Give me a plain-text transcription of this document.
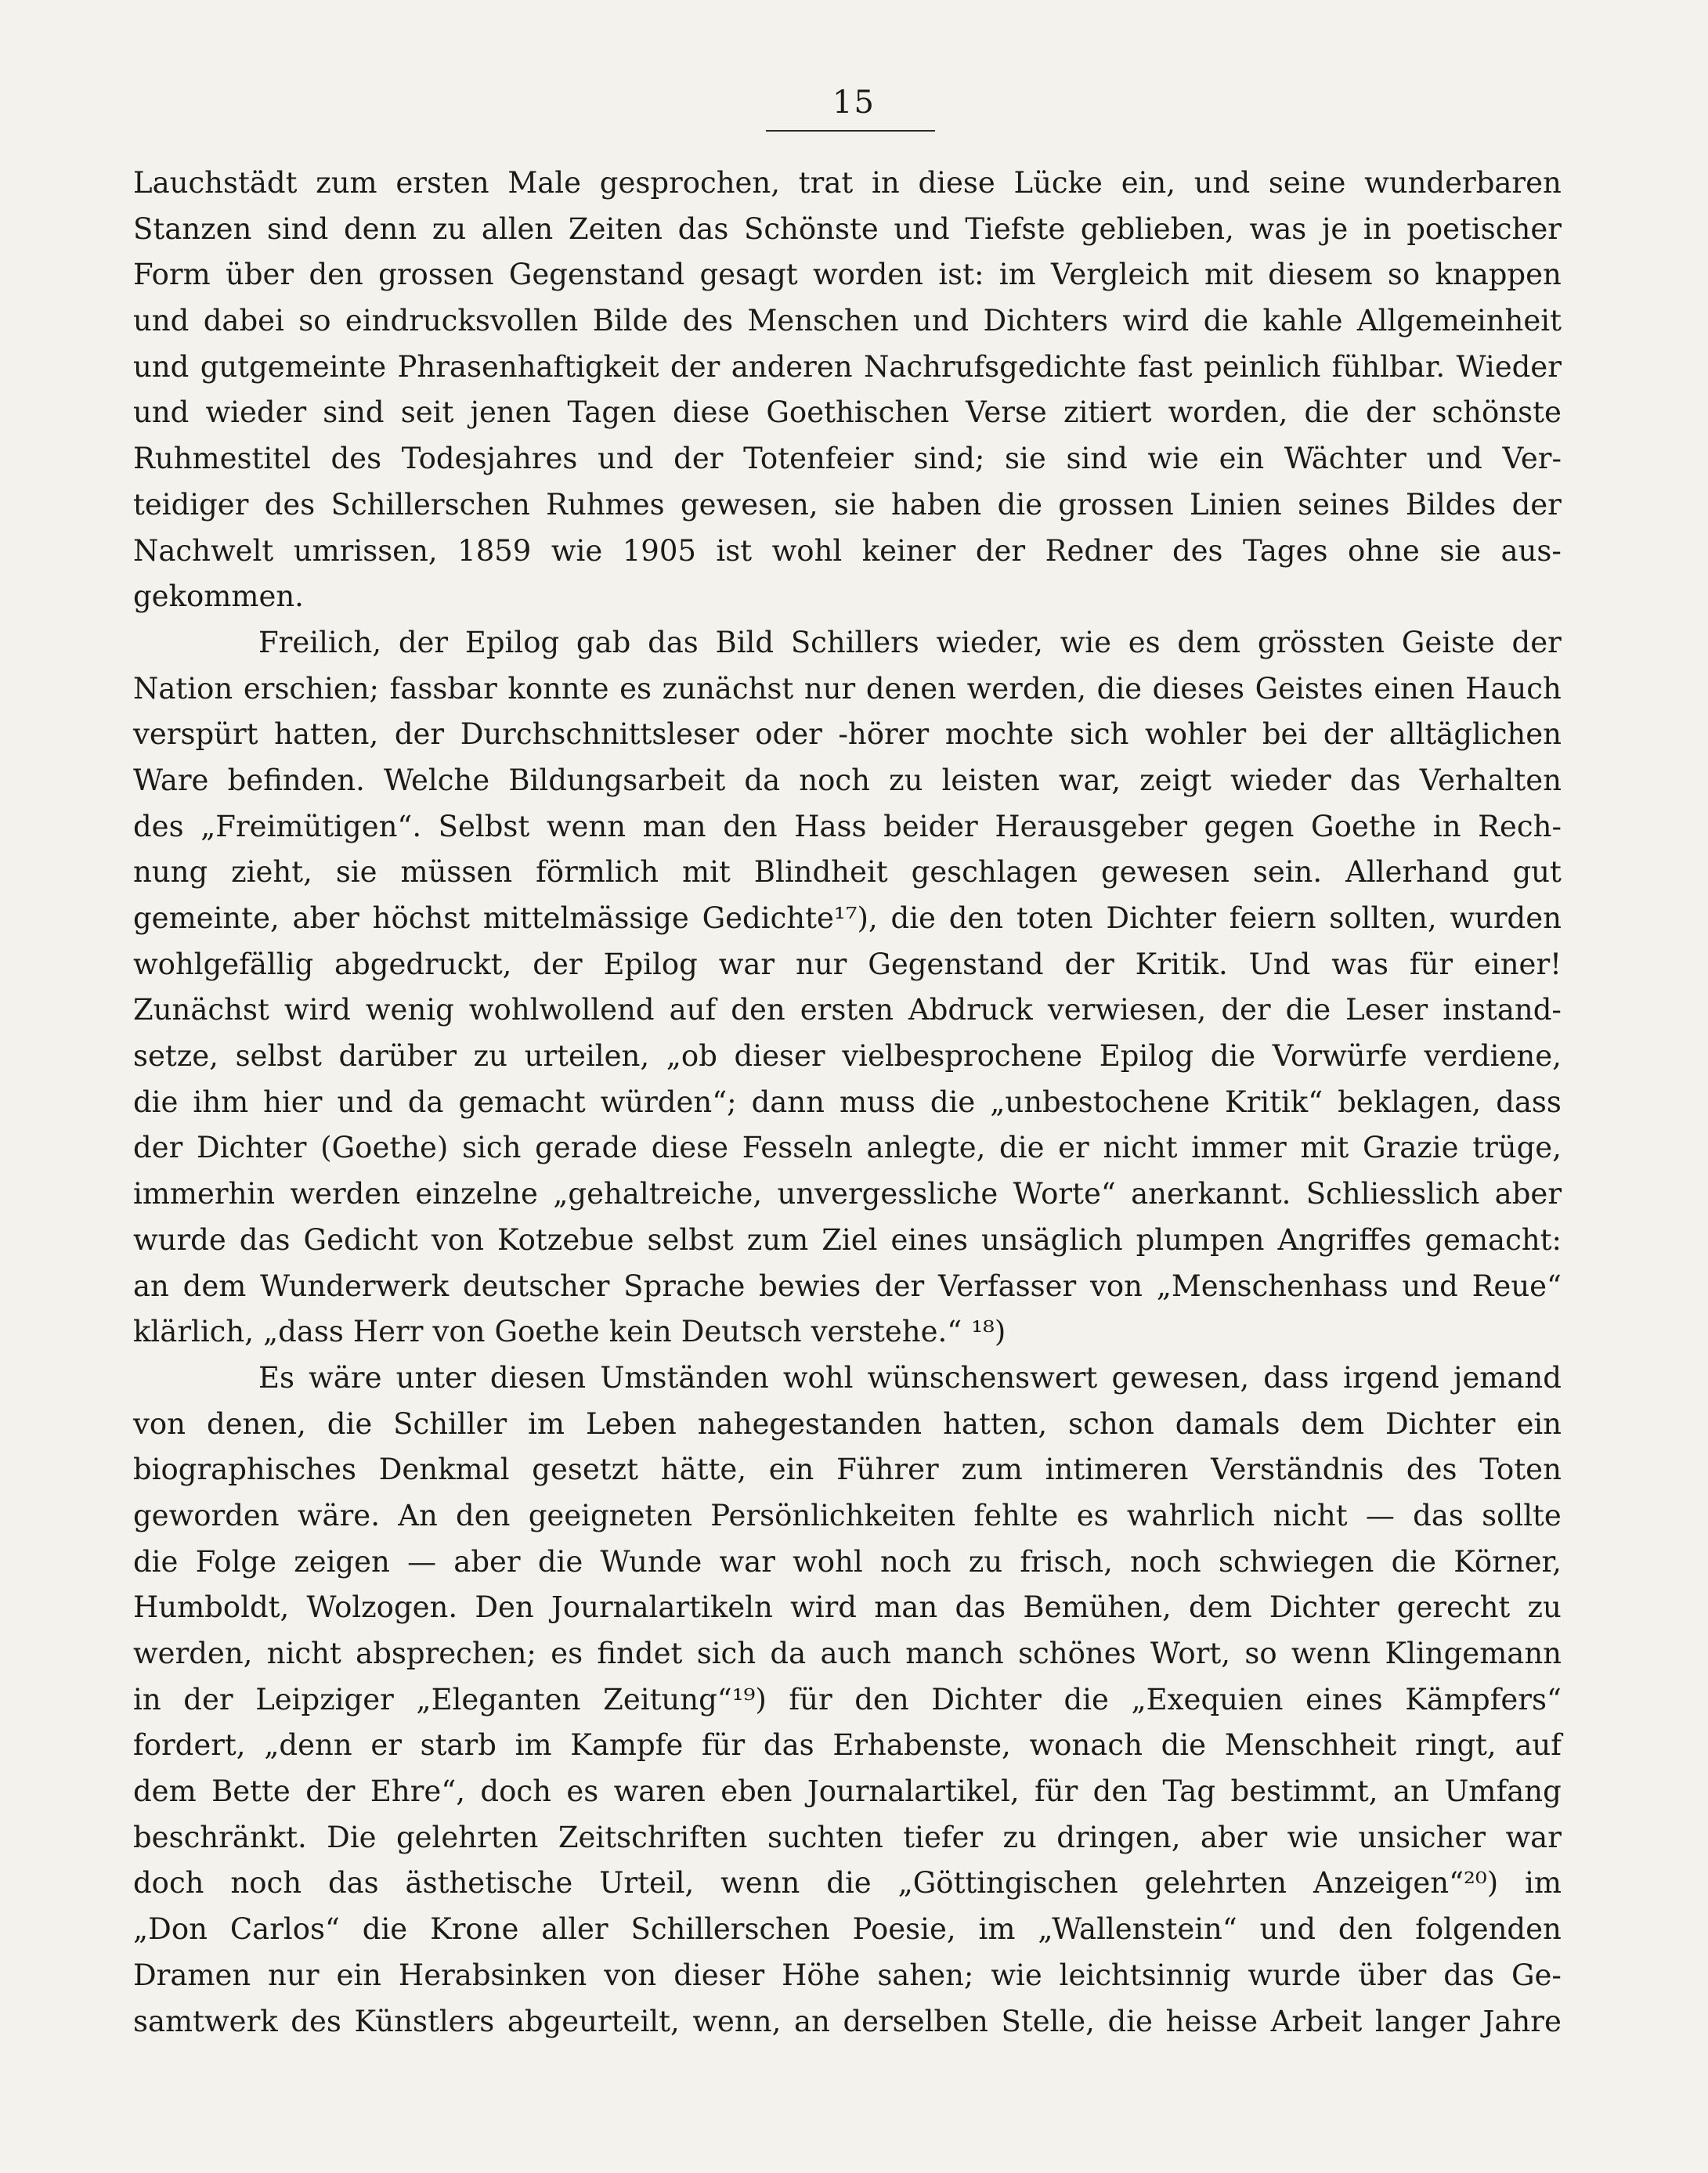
15
Lauchstädt zum ersten Male gesprochen, trat in diese Lücke ein, und seine wunderbaren
Stanzen sind denn zu allen Zeiten das Schönste und Tiefste geblieben, was je in poetischer
Form über den grossen Gegenstand gesagt worden ist: im Vergleich mit diesem so knappen
und dabei so eindrucksvollen Bilde des Menschen und Dichters wird die kahle Allgemeinheit
und gutgemeinte Phrasenhaftigkeit der anderen Nachrufsgedichte fast peinlich fühlbar. Wieder
und wieder sind seit jenen Tagen diese Goethischen Verse zitiert worden, die der schönste
Ruhmestitel des Todesjahres und der Totenfeier sind; sie sind wie ein Wächter und Ver-
teidiger des Schillerschen Ruhmes gewesen, sie haben die grossen Linien seines Bildes der
Nachwelt umrissen, 1859 wie 1905 ist wohl keiner der Redner des Tages ohne sie aus-
gekommen.
Freilich, der Epilog gab das Bild Schillers wieder, wie es dem grössten Geiste der
Nation erschien; fassbar konnte es zunächst nur denen werden, die dieses Geistes einen Hauch
verspürt hatten, der Durchschnittsleser oder -hörer mochte sich wohler bei der alltäglichen
Ware befinden. Welche Bildungsarbeit da noch zu leisten war, zeigt wieder das Verhalten
des „Freimütigen“. Selbst wenn man den Hass beider Herausgeber gegen Goethe in Rech-
nung zieht, sie müssen förmlich mit Blindheit geschlagen gewesen sein. Allerhand gut
gemeinte, aber höchst mittelmässige Gedichte¹⁷), die den toten Dichter feiern sollten, wurden
wohlgefällig abgedruckt, der Epilog war nur Gegenstand der Kritik. Und was für einer!
Zunächst wird wenig wohlwollend auf den ersten Abdruck verwiesen, der die Leser instand-
setze, selbst darüber zu urteilen, „ob dieser vielbesprochene Epilog die Vorwürfe verdiene,
die ihm hier und da gemacht würden“; dann muss die „unbestochene Kritik“ beklagen, dass
der Dichter (Goethe) sich gerade diese Fesseln anlegte, die er nicht immer mit Grazie trüge,
immerhin werden einzelne „gehaltreiche, unvergessliche Worte“ anerkannt. Schliesslich aber
wurde das Gedicht von Kotzebue selbst zum Ziel eines unsäglich plumpen Angriffes gemacht:
an dem Wunderwerk deutscher Sprache bewies der Verfasser von „Menschenhass und Reue“
klärlich, „dass Herr von Goethe kein Deutsch verstehe.“ ¹⁸)
Es wäre unter diesen Umständen wohl wünschenswert gewesen, dass irgend jemand
von denen, die Schiller im Leben nahegestanden hatten, schon damals dem Dichter ein
biographisches Denkmal gesetzt hätte, ein Führer zum intimeren Verständnis des Toten
geworden wäre. An den geeigneten Persönlichkeiten fehlte es wahrlich nicht — das sollte
die Folge zeigen — aber die Wunde war wohl noch zu frisch, noch schwiegen die Körner,
Humboldt, Wolzogen. Den Journalartikeln wird man das Bemühen, dem Dichter gerecht zu
werden, nicht absprechen; es findet sich da auch manch schönes Wort, so wenn Klingemann
in der Leipziger „Eleganten Zeitung“¹⁹) für den Dichter die „Exequien eines Kämpfers“
fordert, „denn er starb im Kampfe für das Erhabenste, wonach die Menschheit ringt, auf
dem Bette der Ehre“, doch es waren eben Journalartikel, für den Tag bestimmt, an Umfang
beschränkt. Die gelehrten Zeitschriften suchten tiefer zu dringen, aber wie unsicher war
doch noch das ästhetische Urteil, wenn die „Göttingischen gelehrten Anzeigen“²⁰) im
„Don Carlos“ die Krone aller Schillerschen Poesie, im „Wallenstein“ und den folgenden
Dramen nur ein Herabsinken von dieser Höhe sahen; wie leichtsinnig wurde über das Ge-
samtwerk des Künstlers abgeurteilt, wenn, an derselben Stelle, die heisse Arbeit langer Jahre
